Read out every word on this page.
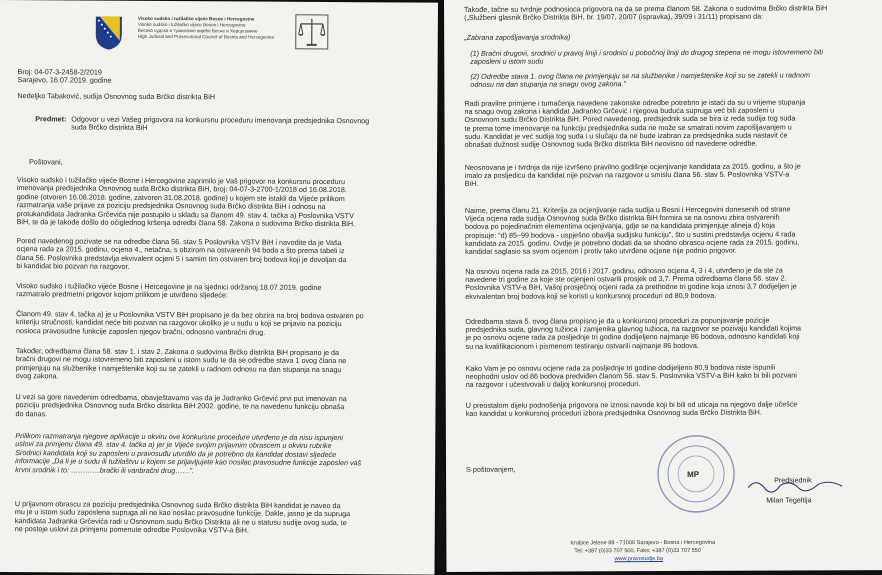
Visoko sudsko i tužilačko vijeće Bosne i Hercegovine
Visoko sudsko i tužilačko vijeće Bosne i Hercegovine
Високо судско и тужилачко вијеће Босне и Херцеговине
High Judicial and Prosecutorial Council of Bosnia and Herzegovina
Broj: 04-07-3-2458-2/2019
Sarajevo, 16.07.2019. godine
Nedeljko Tabaković, sudija Osnovnog suda Brčko distrikta BiH
Predmet: Odgovor u vezi Vašeg prigovora na konkursnu proceduru imenovanja predsjednika Osnovnog suda Brčko distrikta BiH
Poštovani,
Visoko sudsko i tužilačko vijeće Bosne i Hercegovine zaprimilo je Vaš prigovor na konkursnu proceduru
imenovanja predsjednika Osnovnog suda Brčko distrikta BiH, broj: 04-07-3-2700-1/2018 od 16.08.2018.
godine (otvoren 16.08.2018. godine, zatvoren 31.08.2018. godine) u kojem ste istakli da Vijeće prilikom
razmatranja vaše prijave za poziciju predsjednika Osnovnog suda Brčko distrikta BiH i odnosu na
protukandidata Jadranka Grčevića nije postupilo u skladu sa članom 49. stav 4. tačka a) Poslovnika VSTV
BiH, te da je takođe došlo do očiglednog kršenja odredbi člana 58. Zakona o sudovima Brčko distrikta BiH.
Pored navedenog pozivate se na odredbe člana 56. stav 5 Poslovnika VSTV BiH i navodite da je Vaša
ocjena rada za 2015. godinu, ocjena 4., netačna, s obzirom na ostvarenih 94 boda a što prema tabeli iz
člana 56. Poslovnika predstavlja ekvivalent ocjeni 5 i samim tim ostvaren broj bodova koji je dovoljan da
bi kandidat bio pozvan na razgovor.
Visoko sudsko i tužilačko vijeće Bosne i Hercegovine je na sjednici održanoj 18.07.2019. godine
razmatralo predmetni prigovor kojom prilikom je utvrđeno sljedeće:
Članom 49. stav 4. tačka a) je u Poslovnika VSTV BiH propisano je da bez obzira na broj bodova ostvaren po
kriteriju stručnosti, kandidat neće biti pozvan na razgovor ukoliko je u sudu u koji se prijavio na poziciju
nosioca pravosudne funkcije zaposlen njegov bračni, odnosno vanbračni drug.
Također, odredbama člana 58. stav 1. i stav 2. Zakona o sudovima Brčko distrikta BiH propisano je da
bračni drugovi ne mogu istovremeno biti zaposleni u istom sudu te da se odredbe stava 1 ovog člana ne
primjenjuju na službenike i namještenike koji su se zatekli u radnom odnosu na dan stupanja na snagu
ovog zakona.
U vezi sa gore navedenim odredbama, obavještavamo vas da je Jadranko Grčević prvi put imenovan na
poziciju predsjednika Osnovnog suda Brčko distrikta BiH 2002. godine, te na navedenu funkciju obnaša
do danas.
Prilikom razmatranja njegove aplikacije u okviru ove konkursne procedure utvrđeno je da nisu ispunjeni
uslovi za primjenu člana 49. stav 4. tačka a) jer je Vijeće svojim prijavnim obrascem u okviru rubrike
Srodnici kandidata koji su zaposleni u pravosuđu utvrdilo da je potrebno da kandidat dostavi sljedeće
informacije „Da li je u sudu ili tužilaštvu u kojem se prijavljujete kao nosilac pravosudne funkcije zaposlen vaš
krvni srodnik i to: …………brački ili vanbračni drug……”.
U prijavnom obrascu za poziciju predsjednika Osnovnog suda Brčko distrikta BiH kandidat je naveo da
mu je u istom sudu zaposlena supruga ali ne kao nosilac pravosudne funkcije. Dakle, jasno je da supruga
kandidata Jadranka Grčevića radi u Osnovnom sudu Brčko Distrikta ali ne u statusu sudije ovog suda, te
ne postoje uslovi za primjenu pomenute odredbe Poslovnika VSTV-a BiH.
Takođe, tačne su tvrdnje podnosioca prigovora na da se prema članom 58. Zakona o sudovima Brčko distrikta BiH
(„Službeni glasnik Brčko Distrikta BiH, br. 19/07, 20/07 (ispravka), 39/09 i 31/11) propisano da:
„Zabrana zapošljavanja srodnika)
(1) Bračni drugovi, srodnici u pravoj liniji i srodnici u pobočnoj liniji do drugog stepena ne mogu istovremeno biti
zaposleni u istom sudu
(2) Odredbe stava 1. ovog člana ne primjenjuju se na službenike i namještenike koji su se zatekli u radnom
odnosu na dan stupanja na snagu ovog zakona.”
Radi pravilne primjene i tumačenja navedene zakonske odredbe potrebno je istaći da su u vrijeme stupanja
na snagu ovog zakona i kandidat Jadranko Grčević i njegova buduća supruga već bili zaposleni u
Osnovnom sudu Brčko Distrikta BiH. Pored navedenog, predsjednik suda se bira iz reda sudija tog suda
te prema tome imenovanje na funkciju predsjednika suda ne može se smatrati novim zapošljavanjem u
sudu. Kandidat je već sudija tog suda i u slučaju da ne bude izabran za predsjednika suda nastavit će
obnašati dužnost sudije Osnovnog suda Brčko distrikta BiH neovisno od navedene odredbe.
Neosnovana je i tvrdnja da nije izvršeno pravilno godišnje ocjenjivanje kandidata za 2015. godinu, a što je
imalo za posljedicu da kandidat nije pozvan na razgovor u smislu člana 56. stav 5. Poslovnika VSTV-a
BiH.
Naime, prema članu 21. Kriterija za ocjenjivanje rada sudija u Bosni i Hercegovini donesenih od strane
Vijeća ocjena rada sudija Osnovnog suda Brčko distrikta BiH formira se na osnovu zbira ostvarenih
bodova po pojedinačnim elementima ocjenjivanja, gdje se na kandidata primjenjuje alineja d) koja
propisuje: “d) 85–99 bodova - uspješno obavlja sudijsku funkciju”, što u sustini predstavlja ocjenu 4 rada
kandidata za 2015. godinu. Ovdje je potrebno dodati da se shodno obrascu ocjene rada za 2015. godinu,
kandidat saglasio sa svom ocjenom i protiv tako utvrđene ocjene nije podnio prigovor.
Na osnovu ocjena rada za 2015, 2016 i 2017. godinu, odnosno ocjena 4, 3 i 4, utvrđeno je da ste za
navedene tri godine za koje ste ocjenjeni ostvarili prosjek od 3,7. Prema odredbama člana 56. stav 2.
Poslovnika VSTV-a BiH, Vašoj prosječnoj ocjeni rada za prethodne tri godine koja iznosi 3,7 dodijeljen je
ekvivalentan broj bodova koji se koristi u konkursnoj proceduri od 80,9 bodova.
Odredbama stava 5. ovog člana propisno je da u konkursnoj proceduri za popunjavanje pozicije
predsjednika suda, glavnog tužioca i zamjenika glavnog tužioca, na razgovor se pozivaju kandidati kojima
je po osnovu ocjene rada za posljednje tri godine dodijeljeno najmanje 86 bodova, odnosno kandidati koji
su na kvalifikacionom i pismenom testiranju ostvarili najmanje 86 bodova.
Kako Vam je po osnovu ocjene rada za posljednje tri godine dodijeljeno 80,9 bodova niste ispunili
neophodni uslov od 86 bodova predviđen članom 56. stav 5. Poslovnika VSTV-a BiH kako bi bili pozvani
na razgovor i učestvovali u daljoj konkursnoj proceduri.
U preostalom dijelu podnošenja prigovora ne iznosi navode koji bi bili od uticaja na njegovo dalje učešće
kao kandidat u konkursnoj proceduri izbora predsjednika Osnovnog suda Brčko Distrikta BiH.
S poštovanjem,
MP
Predsjednik
Milan Tegeltija
Kraljice Jelene 88 - 71000 Sarajevo - Bosna i Hercegovina
Tel: +387 (0)33 707 500, Faks: +387 (0)33 707 550
www.pravosudje.ba
